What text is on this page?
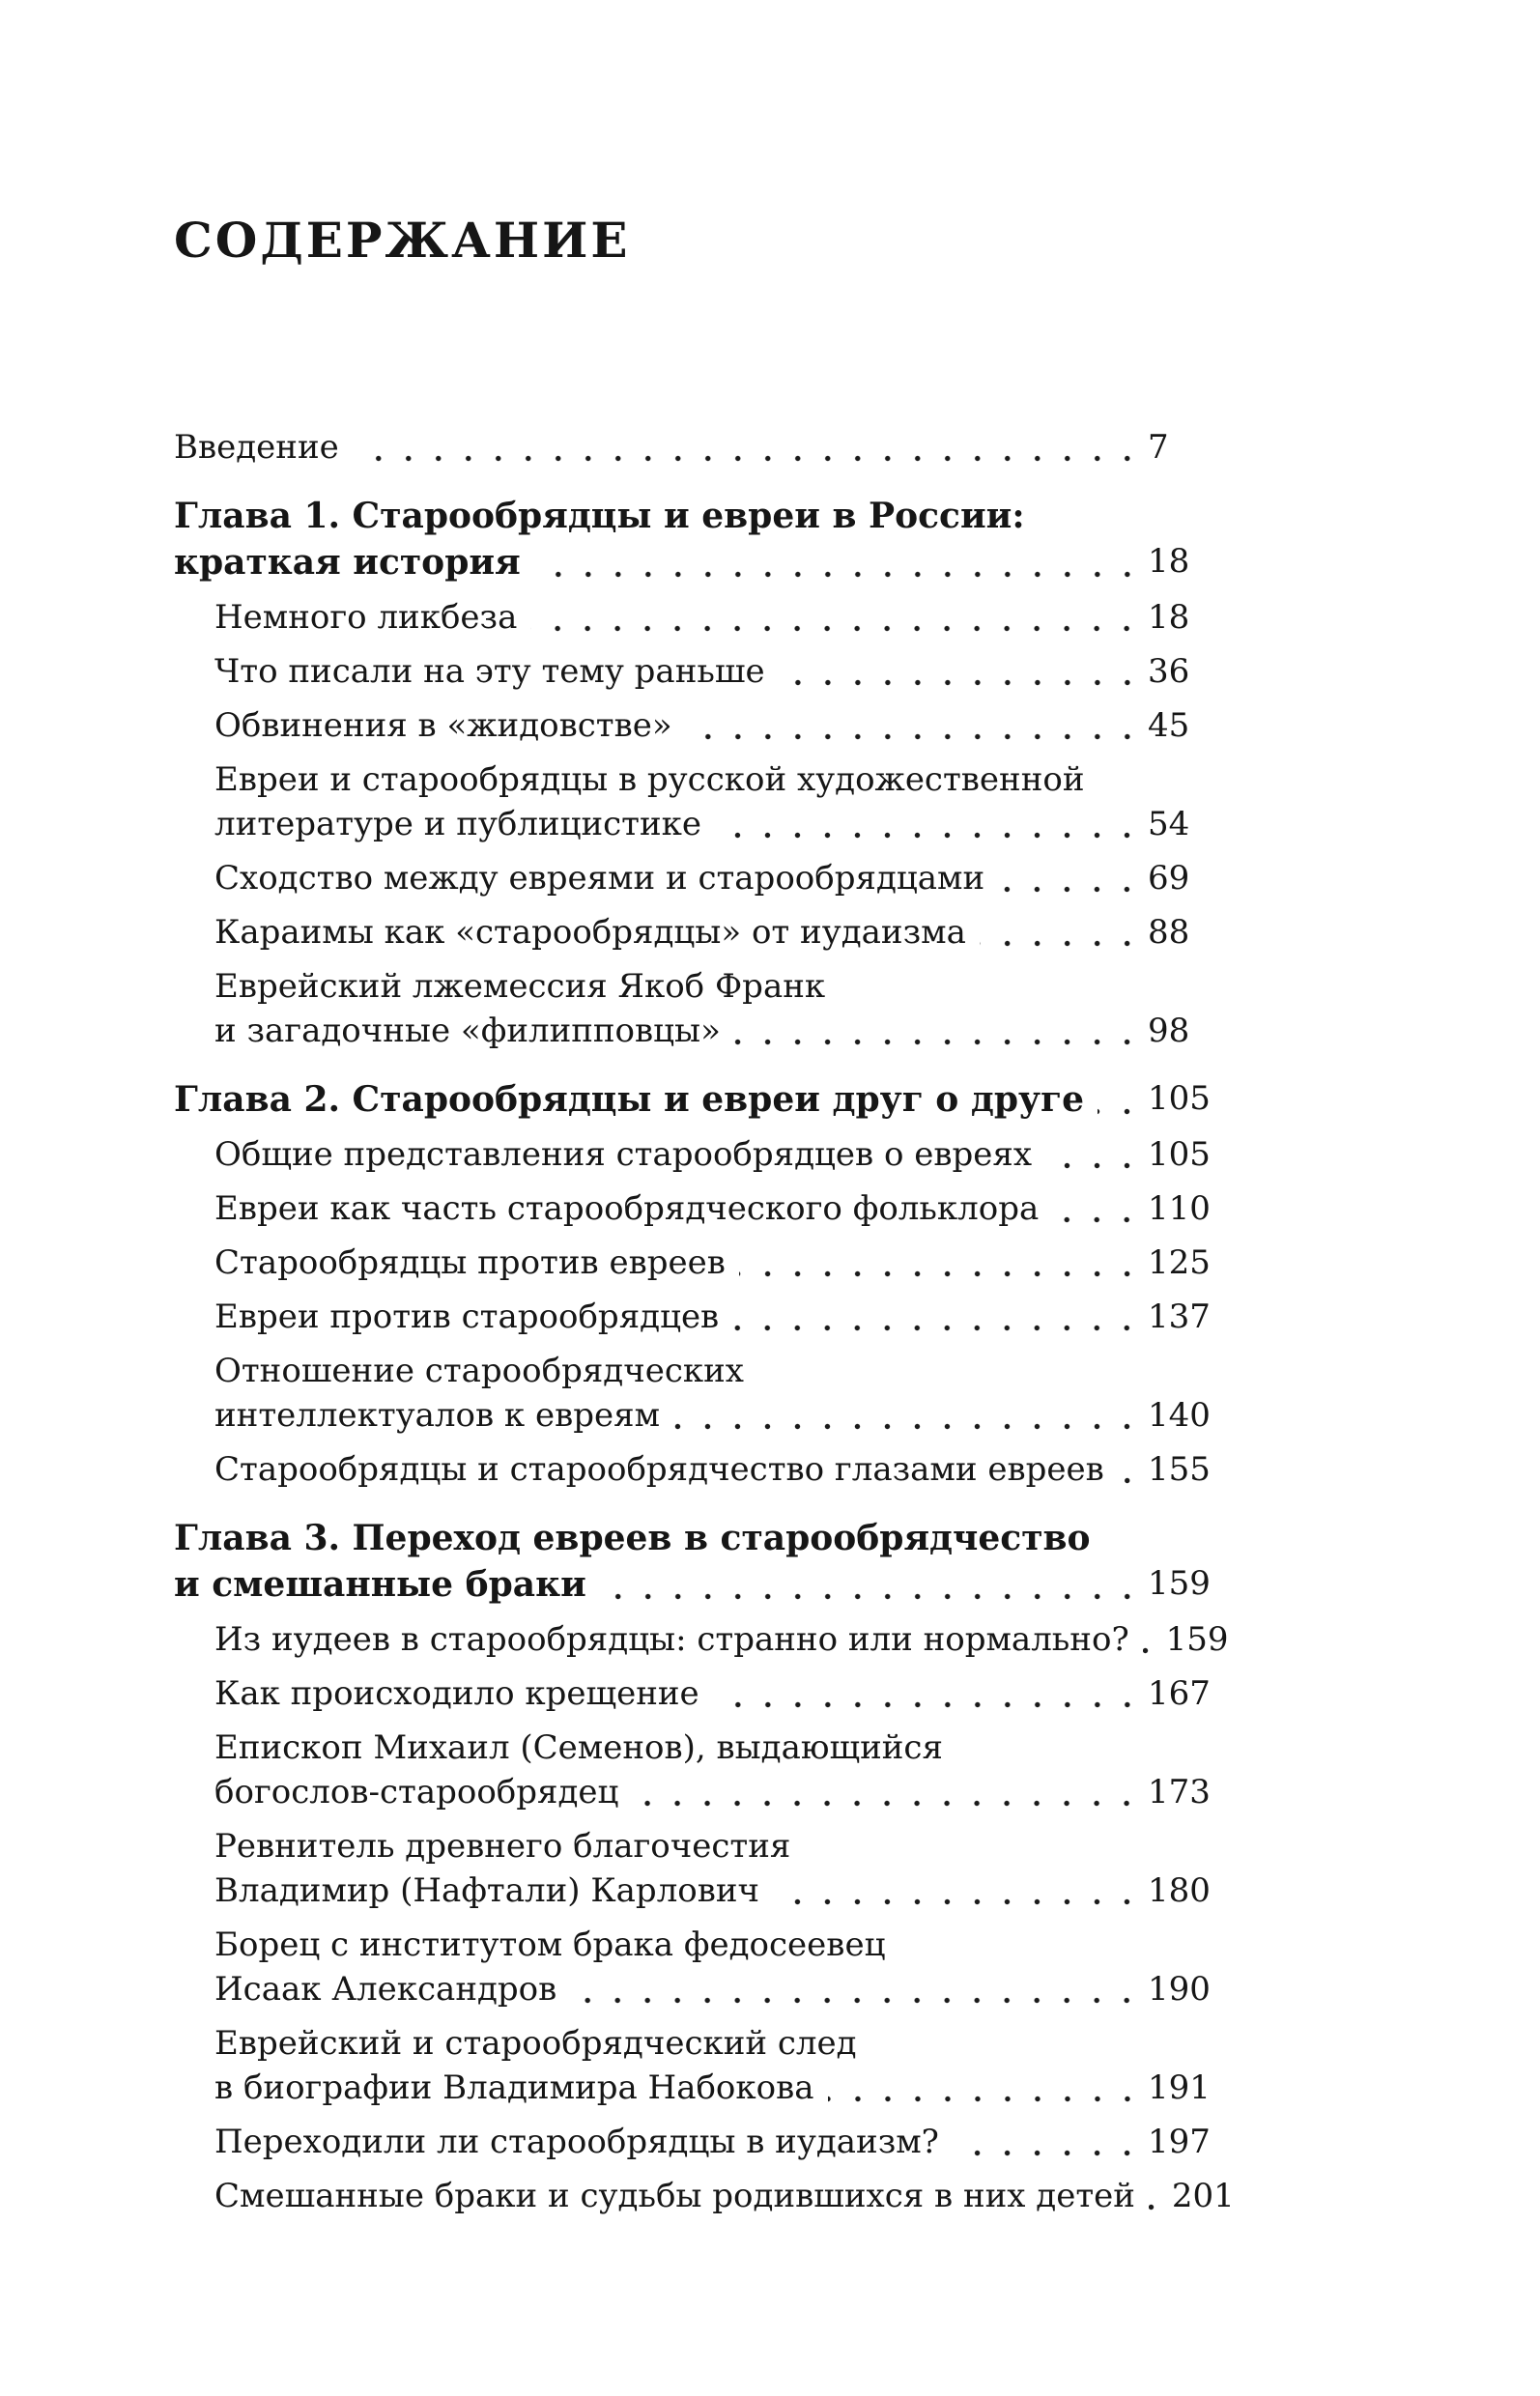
СОДЕРЖАНИЕ
Введение	7
Глава 1. Старообрядцы и евреи в России:
краткая история	18
Немного ликбеза	18
Что писали на эту тему раньше	36
Обвинения в «жидовстве»	45
Евреи и старообрядцы в русской художественной
литературе и публицистике	54
Сходство между евреями и старообрядцами	69
Караимы как «старообрядцы» от иудаизма	88
Еврейский лжемессия Якоб Франк
и загадочные «филипповцы»	98
Глава 2. Старообрядцы и евреи друг о друге 105
Общие представления старообрядцев о евреях	105
Евреи как часть старообрядческого фольклора	110
Старообрядцы против евреев	125
Евреи против старообрядцев	137
Отношение старообрядческих
интеллектуалов к евреям	140
Старообрядцы и старообрядчество глазами евреев 155
Глава 3. Переход евреев в старообрядчество
и смешанные браки	159
Из иудеев в старообрядцы: странно или нормально? 159
Как происходило крещение	167
Епископ Михаил (Семенов), выдающийся
богослов-старообрядец	173
Ревнитель древнего благочестия
Владимир (Нафтали) Карлович	180
Борец с институтом брака федосеевец
Исаак Александров	190
Еврейский и старообрядческий след
в биографии Владимира Набокова	191
Переходили ли старообрядцы в иудаизм?	197
Смешанные браки и судьбы родившихся в них детей 201
